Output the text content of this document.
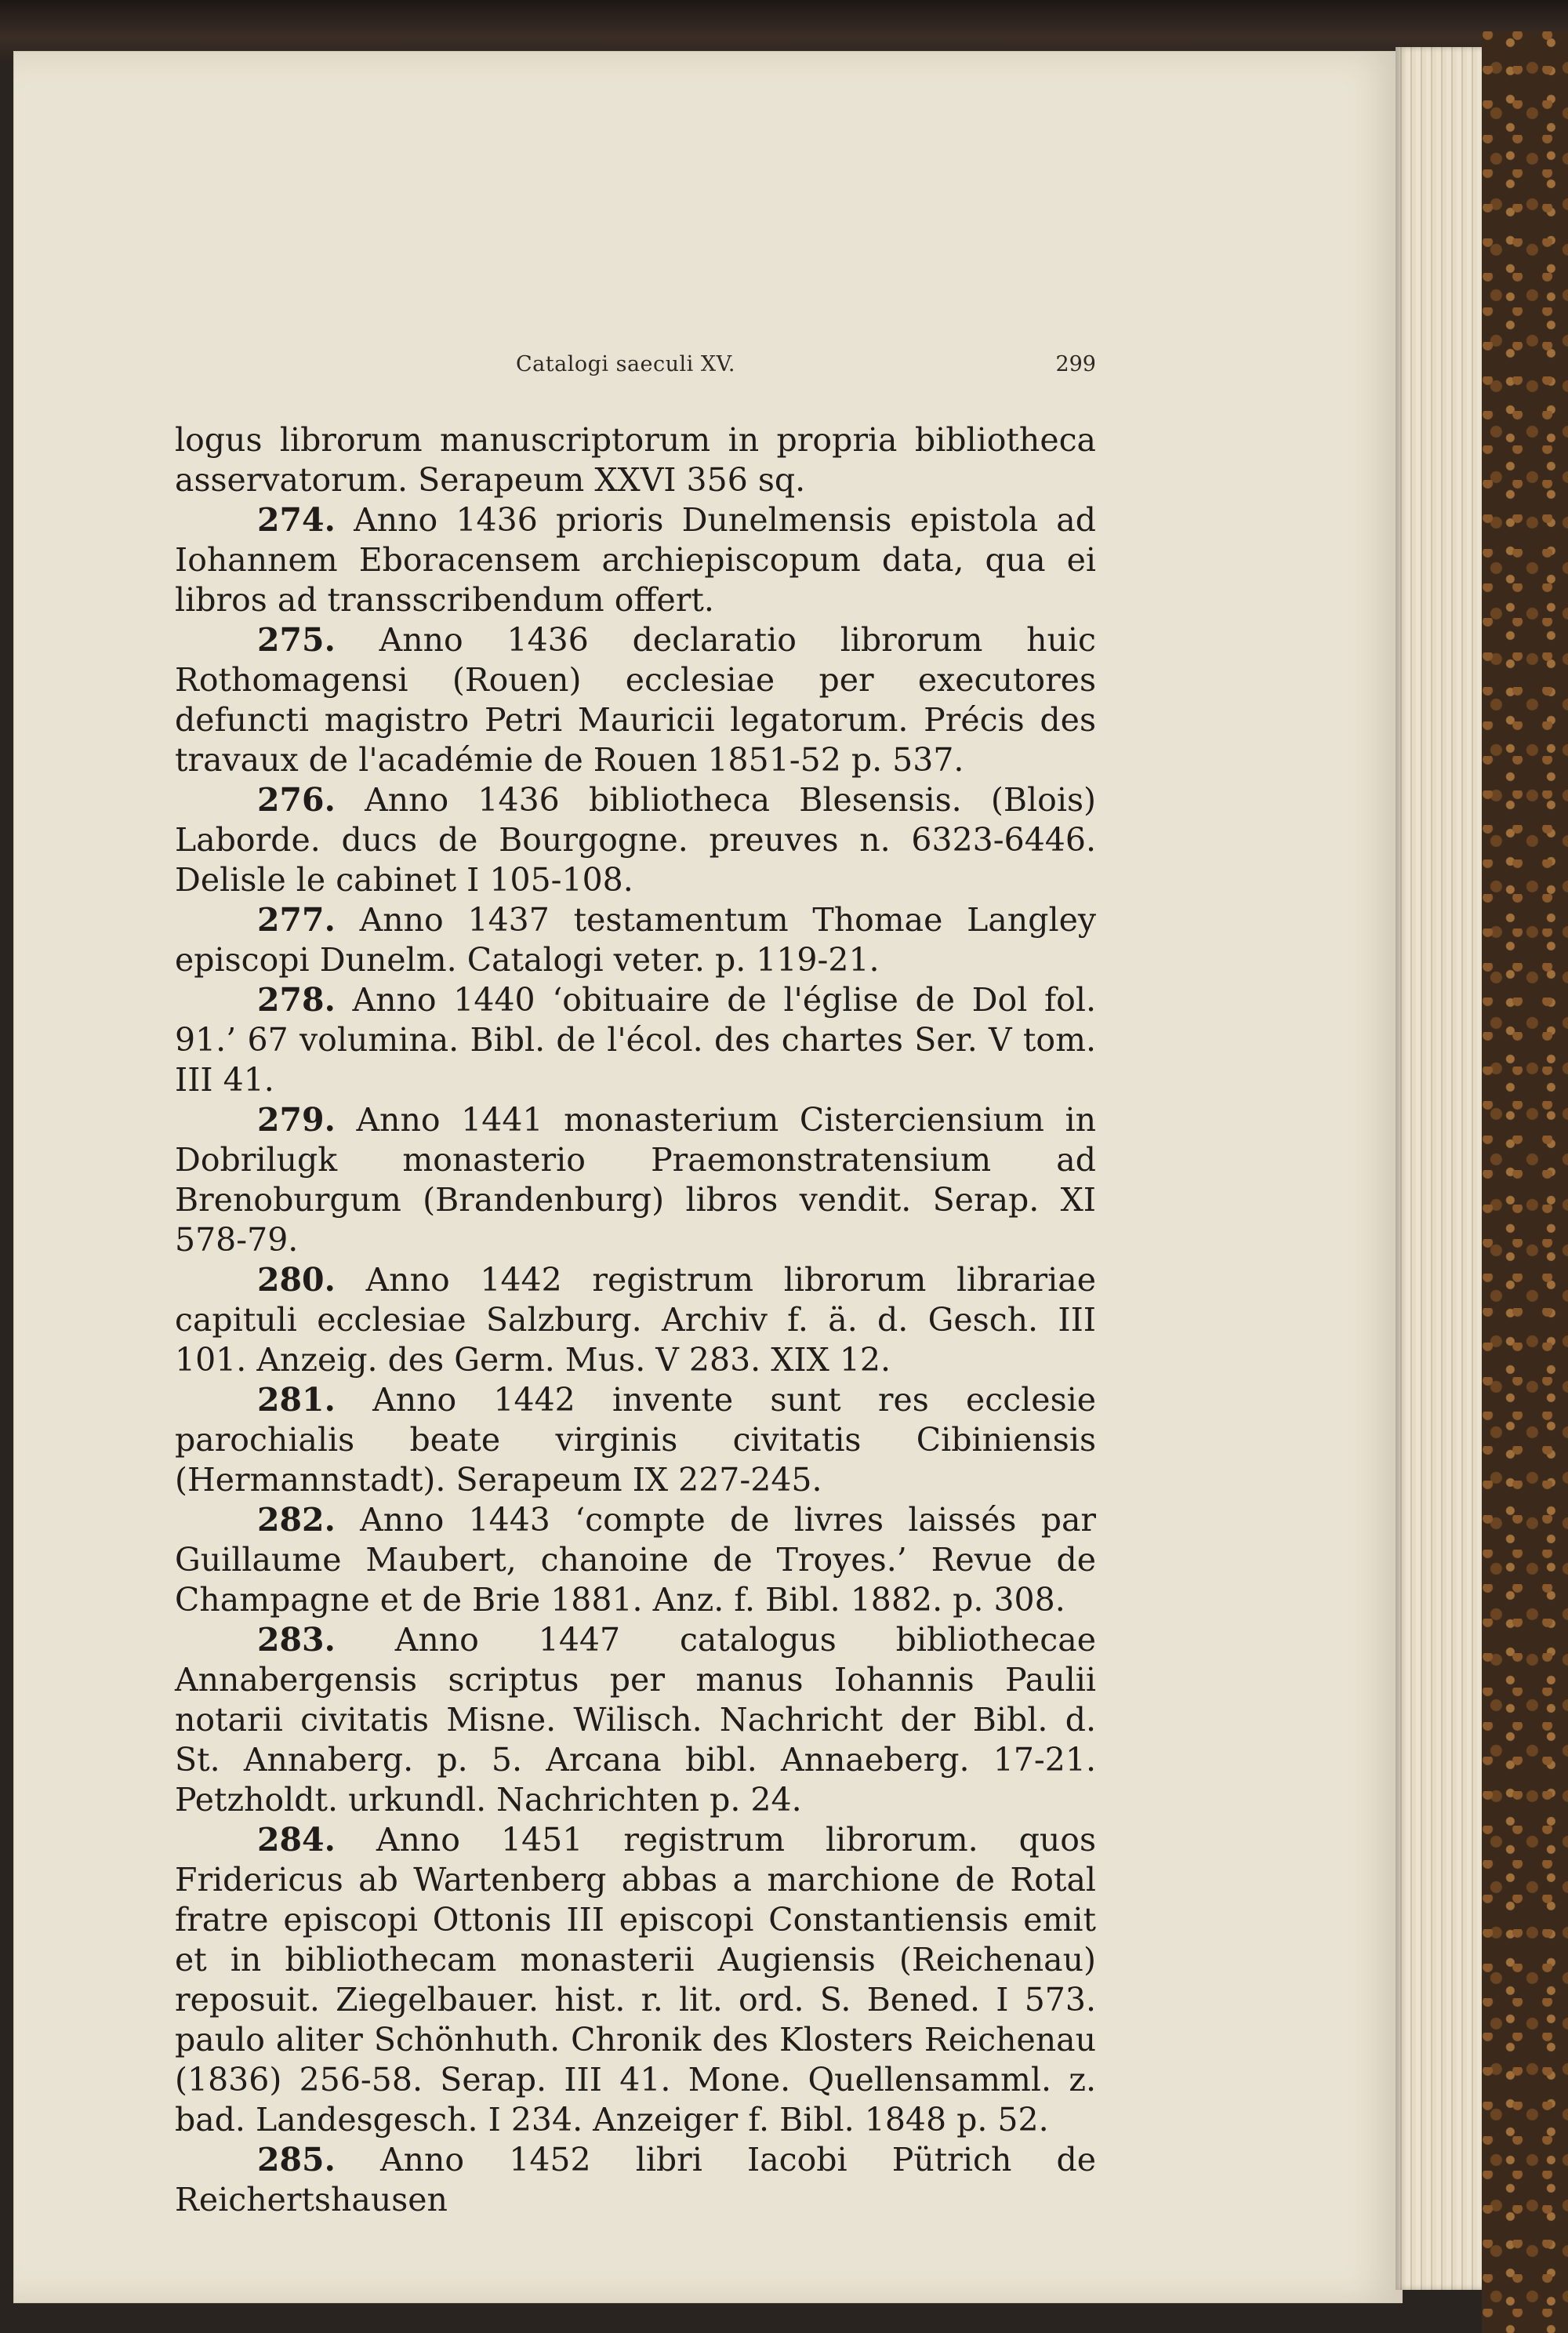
Catalogi saeculi XV.	299

logus librorum manuscriptorum in propria bibliotheca asservatorum. Serapeum XXVI 356 sq.

274. Anno 1436 prioris Dunelmensis epistola ad Iohannem Eboracensem archiepiscopum data, qua ei libros ad transscribendum offert.

275. Anno 1436 declaratio librorum huic Rothomagensi (Rouen) ecclesiae per executores defuncti magistro Petri Mauricii legatorum. Précis des travaux de l'académie de Rouen 1851-52 p. 537.

276. Anno 1436 bibliotheca Blesensis. (Blois) Laborde. ducs de Bourgogne. preuves n. 6323-6446. Delisle le cabinet I 105-108.

277. Anno 1437 testamentum Thomae Langley episcopi Dunelm. Catalogi veter. p. 119-21.

278. Anno 1440 ‘obituaire de l'église de Dol fol. 91.’ 67 volumina. Bibl. de l'écol. des chartes Ser. V tom. III 41.

279. Anno 1441 monasterium Cisterciensium in Dobrilugk monasterio Praemonstratensium ad Brenoburgum (Brandenburg) libros vendit. Serap. XI 578-79.

280. Anno 1442 registrum librorum librariae capituli ecclesiae Salzburg. Archiv f. ä. d. Gesch. III 101. Anzeig. des Germ. Mus. V 283. XIX 12.

281. Anno 1442 invente sunt res ecclesie parochialis beate virginis civitatis Cibiniensis (Hermannstadt). Serapeum IX 227-245.

282. Anno 1443 ‘compte de livres laissés par Guillaume Maubert, chanoine de Troyes.’ Revue de Champagne et de Brie 1881. Anz. f. Bibl. 1882. p. 308.

283. Anno 1447 catalogus bibliothecae Annabergensis scriptus per manus Iohannis Paulii notarii civitatis Misne. Wilisch. Nachricht der Bibl. d. St. Annaberg. p. 5. Arcana bibl. Annaeberg. 17-21. Petzholdt. urkundl. Nachrichten p. 24.

284. Anno 1451 registrum librorum. quos Fridericus ab Wartenberg abbas a marchione de Rotal fratre episcopi Ottonis III episcopi Constantiensis emit et in bibliothecam monasterii Augiensis (Reichenau) reposuit. Ziegelbauer. hist. r. lit. ord. S. Bened. I 573. paulo aliter Schönhuth. Chronik des Klosters Reichenau (1836) 256-58. Serap. III 41. Mone. Quellensamml. z. bad. Landesgesch. I 234. Anzeiger f. Bibl. 1848 p. 52.

285. Anno 1452 libri Iacobi Pütrich de Reichertshausen
